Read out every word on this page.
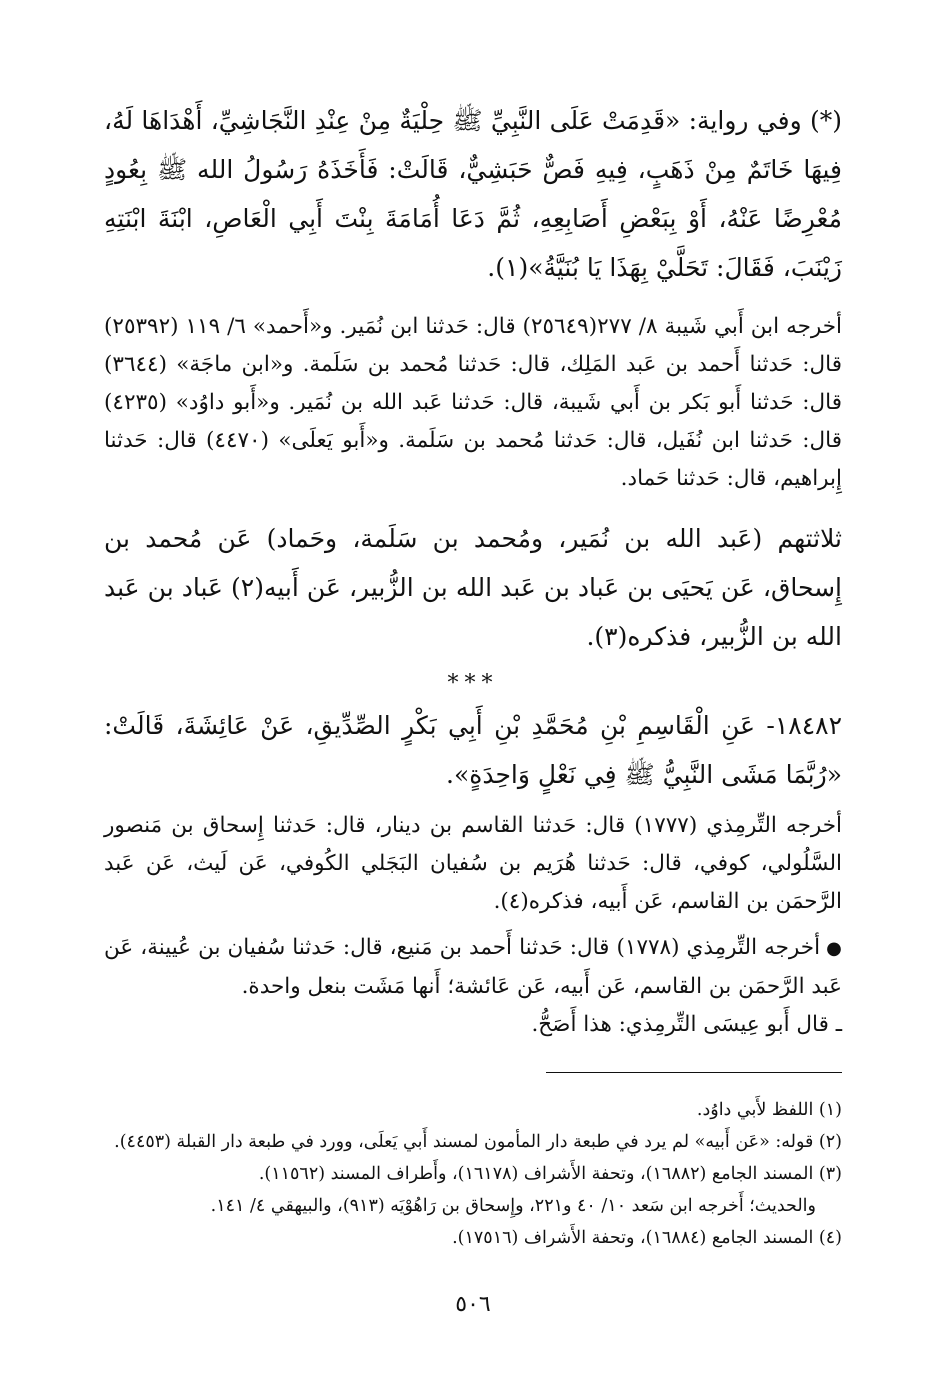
(*) وفي رواية: «قَدِمَتْ عَلَى النَّبِيِّ ﷺ حِلْيَةٌ مِنْ عِنْدِ النَّجَاشِيِّ، أَهْدَاهَا لَهُ، فِيهَا خَاتَمٌ مِنْ ذَهَبٍ، فِيهِ فَصٌّ حَبَشِيٌّ، قَالَتْ: فَأَخَذَهُ رَسُولُ الله ﷺ بِعُودٍ مُعْرِضًا عَنْهُ، أَوْ بِبَعْضِ أَصَابِعِهِ، ثُمَّ دَعَا أُمَامَةَ بِنْتَ أَبِي الْعَاصِ، ابْنَةَ ابْنَتِهِ زَيْنَبَ، فَقَالَ: تَحَلَّيْ بِهَذَا يَا بُنَيَّةُ»(١).

أخرجه ابن أَبي شَيبة ٨/ ٢٧٧(٢٥٦٤٩) قال: حَدثنا ابن نُمَير. و«أَحمد» ٦/ ١١٩ (٢٥٣٩٢) قال: حَدثنا أَحمد بن عَبد المَلِك، قال: حَدثنا مُحمد بن سَلَمة. و«ابن ماجَة» (٣٦٤٤) قال: حَدثنا أَبو بَكر بن أَبي شَيبة، قال: حَدثنا عَبد الله بن نُمَير. و«أَبو داوُد» (٤٢٣٥) قال: حَدثنا ابن نُفَيل، قال: حَدثنا مُحمد بن سَلَمة. و«أَبو يَعلَى» (٤٤٧٠) قال: حَدثنا إِبراهيم، قال: حَدثنا حَماد.

ثلاثتهم (عَبد الله بن نُمَير، ومُحمد بن سَلَمة، وحَماد) عَن مُحمد بن إِسحاق، عَن يَحيَى بن عَباد بن عَبد الله بن الزُّبير، عَن أَبيه(٢) عَباد بن عَبد الله بن الزُّبير، فذكره(٣).

***

١٨٤٨٢- عَنِ الْقَاسِمِ بْنِ مُحَمَّدِ بْنِ أَبِي بَكْرٍ الصِّدِّيقِ، عَنْ عَائِشَةَ، قَالَتْ: «رُبَّمَا مَشَى النَّبِيُّ ﷺ فِي نَعْلٍ وَاحِدَةٍ».

أخرجه التِّرمِذي (١٧٧٧) قال: حَدثنا القاسم بن دينار، قال: حَدثنا إِسحاق بن مَنصور السَّلُولي، كوفي، قال: حَدثنا هُرَيم بن سُفيان البَجَلي الكُوفي، عَن لَيث، عَن عَبد الرَّحمَن بن القاسم، عَن أَبيه، فذكره(٤).

●أخرجه التِّرمِذي (١٧٧٨) قال: حَدثنا أَحمد بن مَنيع، قال: حَدثنا سُفيان بن عُيينة، عَن عَبد الرَّحمَن بن القاسم، عَن أَبيه، عَن عَائشة؛ أَنها مَشَت بنعل واحدة.

ـ قال أَبو عِيسَى التِّرمِذي: هذا أَصَحُّ.

(١) اللفظ لأَبي داوُد.

(٢) قوله: «عَن أَبيه» لم يرد في طبعة دار المأمون لمسند أَبي يَعلَى، وورد في طبعة دار القبلة (٤٤٥٣).

(٣) المسند الجامع (١٦٨٨٢)، وتحفة الأَشراف (١٦١٧٨)، وأَطراف المسند (١١٥٦٢).

والحديث؛ أَخرجه ابن سَعد ١٠/ ٤٠ و٢٢١، وإِسحاق بن رَاهُوْيَه (٩١٣)، والبيهقي ٤/ ١٤١.

(٤) المسند الجامع (١٦٨٨٤)، وتحفة الأَشراف (١٧٥١٦).

٥٠٦
